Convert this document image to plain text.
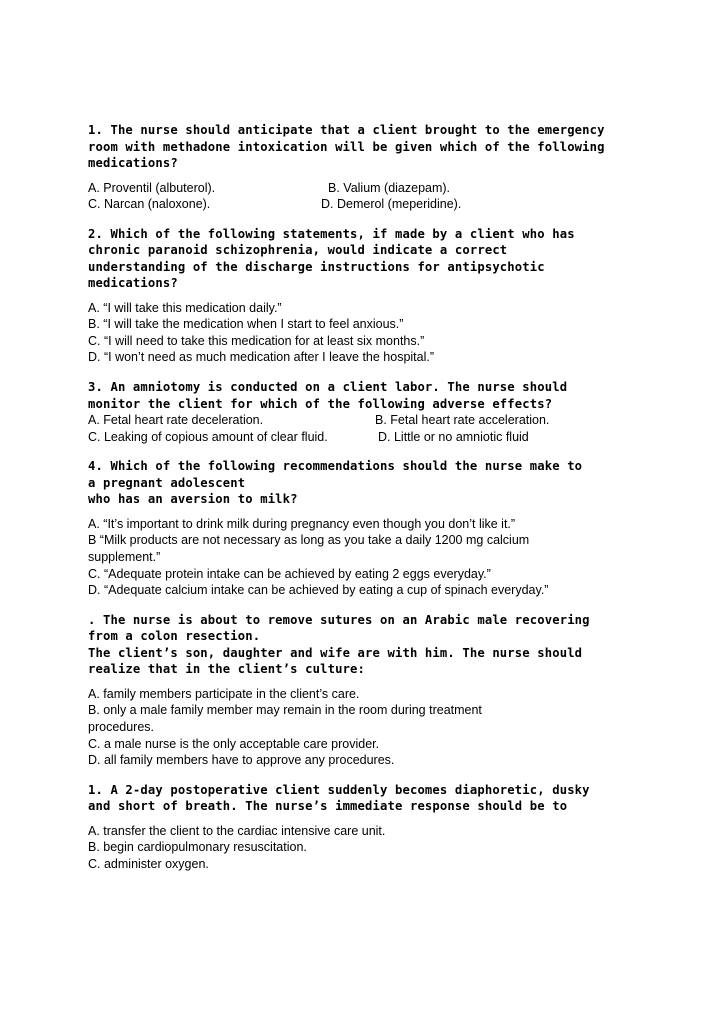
1. The nurse should anticipate that a client brought to the emergency
room with methadone intoxication will be given which of the following
medications?
A. Proventil (albuterol).	B. Valium (diazepam).
C. Narcan (naloxone).	D. Demerol (meperidine).
2. Which of the following statements, if made by a client who has
chronic paranoid schizophrenia, would indicate a correct
understanding of the discharge instructions for antipsychotic
medications?
A. “I will take this medication daily.”
B. “I will take the medication when I start to feel anxious.”
C. “I will need to take this medication for at least six months.”
D. “I won’t need as much medication after I leave the hospital.”
3. An amniotomy is conducted on a client labor. The nurse should
monitor the client for which of the following adverse effects?
A. Fetal heart rate deceleration.	B. Fetal heart rate acceleration.
C. Leaking of copious amount of clear fluid.	D. Little or no amniotic fluid
4. Which of the following recommendations should the nurse make to
a pregnant adolescent
who has an aversion to milk?
A. “It’s important to drink milk during pregnancy even though you don’t like it.”
B “Milk products are not necessary as long as you take a daily 1200 mg calcium
supplement.”
C. “Adequate protein intake can be achieved by eating 2 eggs everyday.”
D. “Adequate calcium intake can be achieved by eating a cup of spinach everyday.”
. The nurse is about to remove sutures on an Arabic male recovering
from a colon resection.
The client’s son, daughter and wife are with him. The nurse should
realize that in the client’s culture:
A. family members participate in the client’s care.
B. only a male family member may remain in the room during treatment
procedures.
C. a male nurse is the only acceptable care provider.
D. all family members have to approve any procedures.
1. A 2-day postoperative client suddenly becomes diaphoretic, dusky
and short of breath. The nurse’s immediate response should be to
A. transfer the client to the cardiac intensive care unit.
B. begin cardiopulmonary resuscitation.
C. administer oxygen.
